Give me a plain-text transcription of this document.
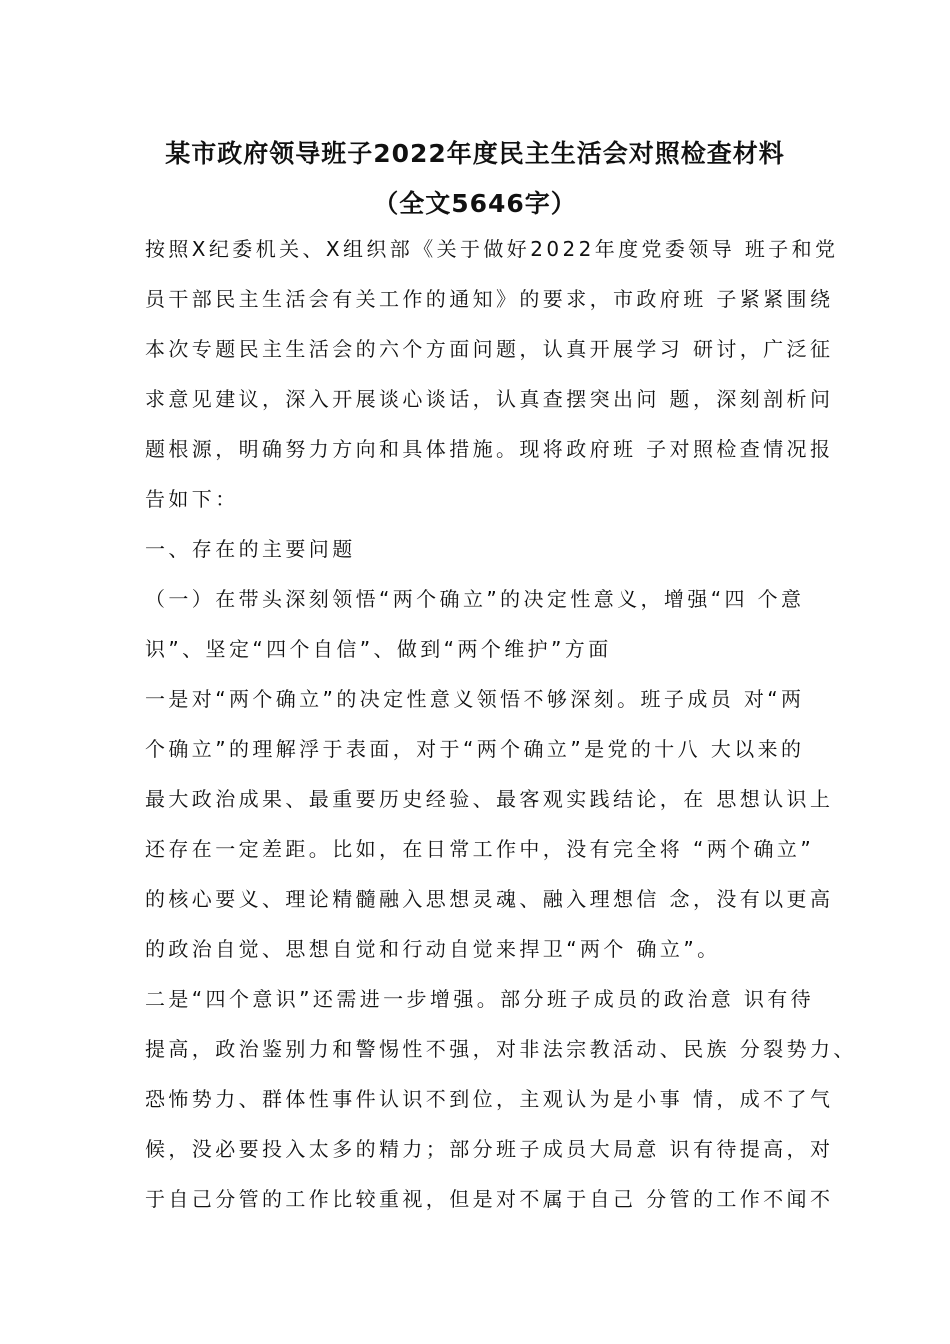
某市政府领导班子2022年度民主生活会对照检查材料
（全文5646字）
按照X纪委机关、X组织部《关于做好2022年度党委领导 班子和党
员干部民主生活会有关工作的通知》的要求，市政府班 子紧紧围绕
本次专题民主生活会的六个方面问题，认真开展学习 研讨，广泛征
求意见建议，深入开展谈心谈话，认真查摆突出问 题，深刻剖析问
题根源，明确努力方向和具体措施。现将政府班 子对照检查情况报
告如下：
一、存在的主要问题
（一）在带头深刻领悟“两个确立”的决定性意义，增强“四 个意
识”、坚定“四个自信”、做到“两个维护”方面
一是对“两个确立”的决定性意义领悟不够深刻。班子成员 对“两
个确立”的理解浮于表面，对于“两个确立”是党的十八 大以来的
最大政治成果、最重要历史经验、最客观实践结论，在 思想认识上
还存在一定差距。比如，在日常工作中，没有完全将 “两个确立”
的核心要义、理论精髓融入思想灵魂、融入理想信 念，没有以更高
的政治自觉、思想自觉和行动自觉来捍卫“两个 确立”。
二是“四个意识”还需进一步增强。部分班子成员的政治意 识有待
提高，政治鉴别力和警惕性不强，对非法宗教活动、民族 分裂势力、
恐怖势力、群体性事件认识不到位，主观认为是小事 情，成不了气
候，没必要投入太多的精力；部分班子成员大局意 识有待提高，对
于自己分管的工作比较重视，但是对不属于自己 分管的工作不闻不
